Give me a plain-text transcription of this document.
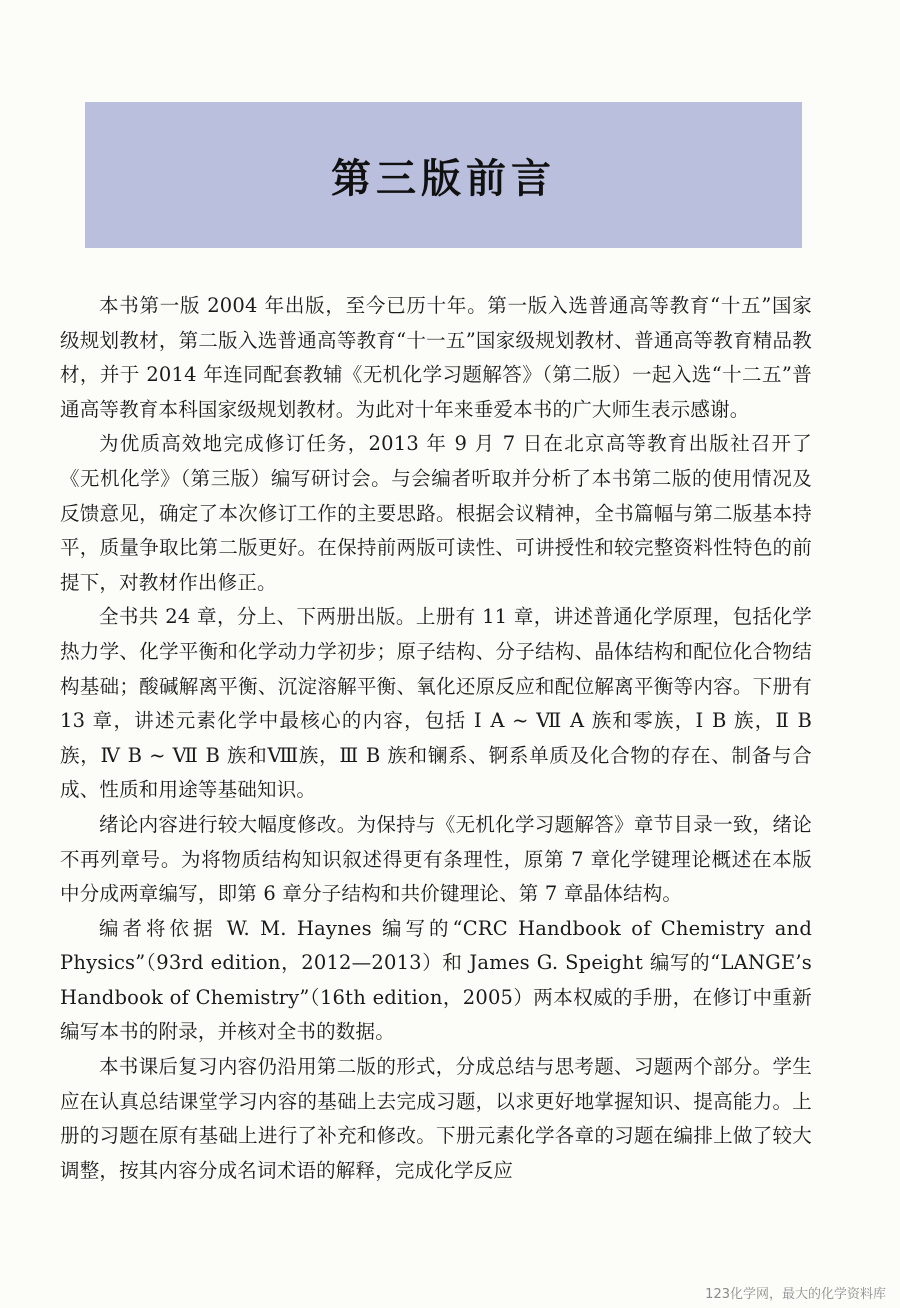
第三版前言

本书第一版 2004 年出版，至今已历十年。第一版入选普通高等教育“十五”国家级规划教材，第二版入选普通高等教育“十一五”国家级规划教材、普通高等教育精品教材，并于 2014 年连同配套教辅《无机化学习题解答》（第二版）一起入选“十二五”普通高等教育本科国家级规划教材。为此对十年来垂爱本书的广大师生表示感谢。

为优质高效地完成修订任务，2013 年 9 月 7 日在北京高等教育出版社召开了《无机化学》（第三版）编写研讨会。与会编者听取并分析了本书第二版的使用情况及反馈意见，确定了本次修订工作的主要思路。根据会议精神，全书篇幅与第二版基本持平，质量争取比第二版更好。在保持前两版可读性、可讲授性和较完整资料性特色的前提下，对教材作出修正。

全书共 24 章，分上、下两册出版。上册有 11 章，讲述普通化学原理，包括化学热力学、化学平衡和化学动力学初步；原子结构、分子结构、晶体结构和配位化合物结构基础；酸碱解离平衡、沉淀溶解平衡、氧化还原反应和配位解离平衡等内容。下册有 13 章，讲述元素化学中最核心的内容，包括 Ⅰ A ~ Ⅶ A 族和零族，Ⅰ B 族，Ⅱ B 族，Ⅳ B ~ Ⅶ B 族和Ⅷ族，Ⅲ B 族和镧系、锕系单质及化合物的存在、制备与合成、性质和用途等基础知识。

绪论内容进行较大幅度修改。为保持与《无机化学习题解答》章节目录一致，绪论不再列章号。为将物质结构知识叙述得更有条理性，原第 7 章化学键理论概述在本版中分成两章编写，即第 6 章分子结构和共价键理论、第 7 章晶体结构。

编者将依据 W. M. Haynes 编写的“CRC Handbook of Chemistry and Physics”（93rd edition，2012—2013）和 James G. Speight 编写的“LANGE’s Handbook of Chemistry”（16th edition，2005）两本权威的手册，在修订中重新编写本书的附录，并核对全书的数据。

本书课后复习内容仍沿用第二版的形式，分成总结与思考题、习题两个部分。学生应在认真总结课堂学习内容的基础上去完成习题，以求更好地掌握知识、提高能力。上册的习题在原有基础上进行了补充和修改。下册元素化学各章的习题在编排上做了较大调整，按其内容分成名词术语的解释，完成化学反应

123化学网，最大的化学资料库
